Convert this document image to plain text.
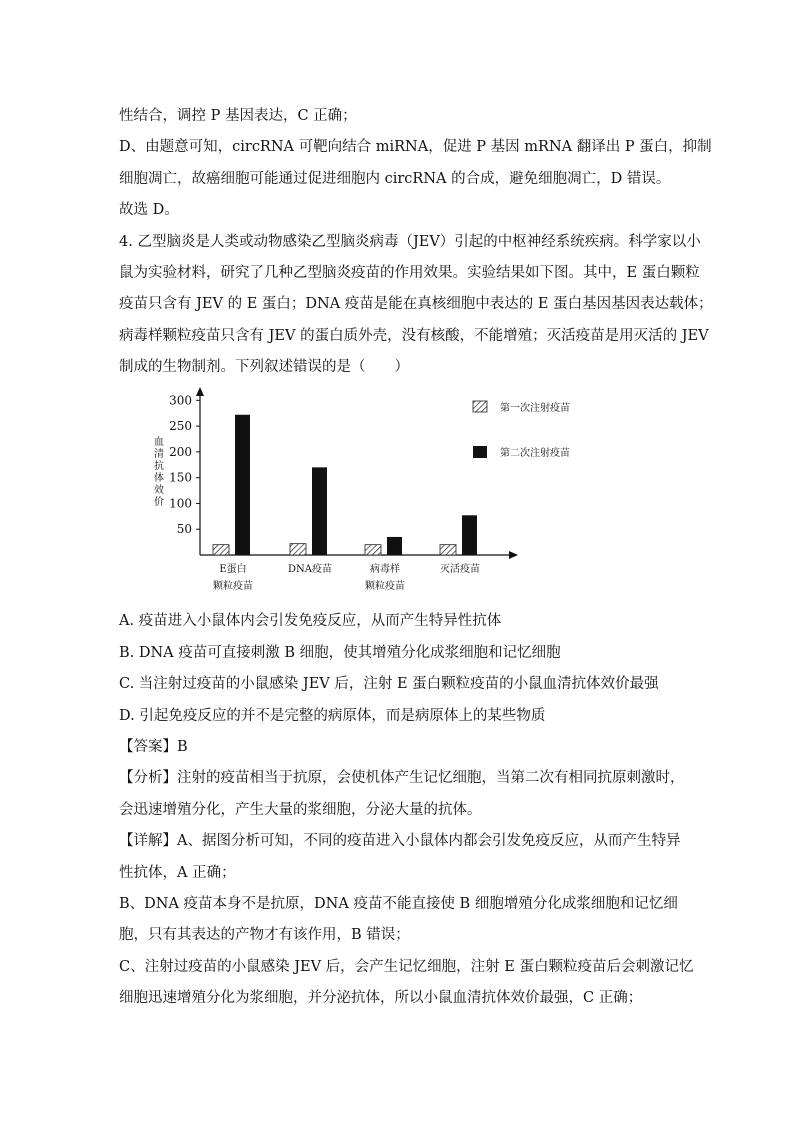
性结合，调控 P 基因表达，C 正确；
D、由题意可知，circRNA 可靶向结合 miRNA，促进 P 基因 mRNA 翻译出 P 蛋白，抑制
细胞凋亡，故癌细胞可能通过促进细胞内 circRNA 的合成，避免细胞凋亡，D 错误。
故选 D。
4. 乙型脑炎是人类或动物感染乙型脑炎病毒（JEV）引起的中枢神经系统疾病。科学家以小
鼠为实验材料，研究了几种乙型脑炎疫苗的作用效果。实验结果如下图。其中，E 蛋白颗粒
疫苗只含有 JEV 的 E 蛋白；DNA 疫苗是能在真核细胞中表达的 E 蛋白基因基因表达载体；
病毒样颗粒疫苗只含有 JEV 的蛋白质外壳，没有核酸，不能增殖；灭活疫苗是用灭活的 JEV
制成的生物制剂。下列叙述错误的是（　　）
50
100
150
200
250
300
血清抗体效价
E蛋白
颗粒疫苗
DNA疫苗	病毒样
颗粒疫苗
灭活疫苗
第一次注射疫苗
第二次注射疫苗
A. 疫苗进入小鼠体内会引发免疫反应，从而产生特异性抗体
B. DNA 疫苗可直接刺激 B 细胞，使其增殖分化成浆细胞和记忆细胞
C. 当注射过疫苗的小鼠感染 JEV 后，注射 E 蛋白颗粒疫苗的小鼠血清抗体效价最强
D. 引起免疫反应的并不是完整的病原体，而是病原体上的某些物质
【答案】B
【分析】注射的疫苗相当于抗原，会使机体产生记忆细胞，当第二次有相同抗原刺激时，
会迅速增殖分化，产生大量的浆细胞，分泌大量的抗体。
【详解】A、据图分析可知，不同的疫苗进入小鼠体内都会引发免疫反应，从而产生特异
性抗体，A 正确；
B、DNA 疫苗本身不是抗原，DNA 疫苗不能直接使 B 细胞增殖分化成浆细胞和记忆细
胞，只有其表达的产物才有该作用，B 错误；
C、注射过疫苗的小鼠感染 JEV 后，会产生记忆细胞，注射 E 蛋白颗粒疫苗后会刺激记忆
细胞迅速增殖分化为浆细胞，并分泌抗体，所以小鼠血清抗体效价最强，C 正确；
